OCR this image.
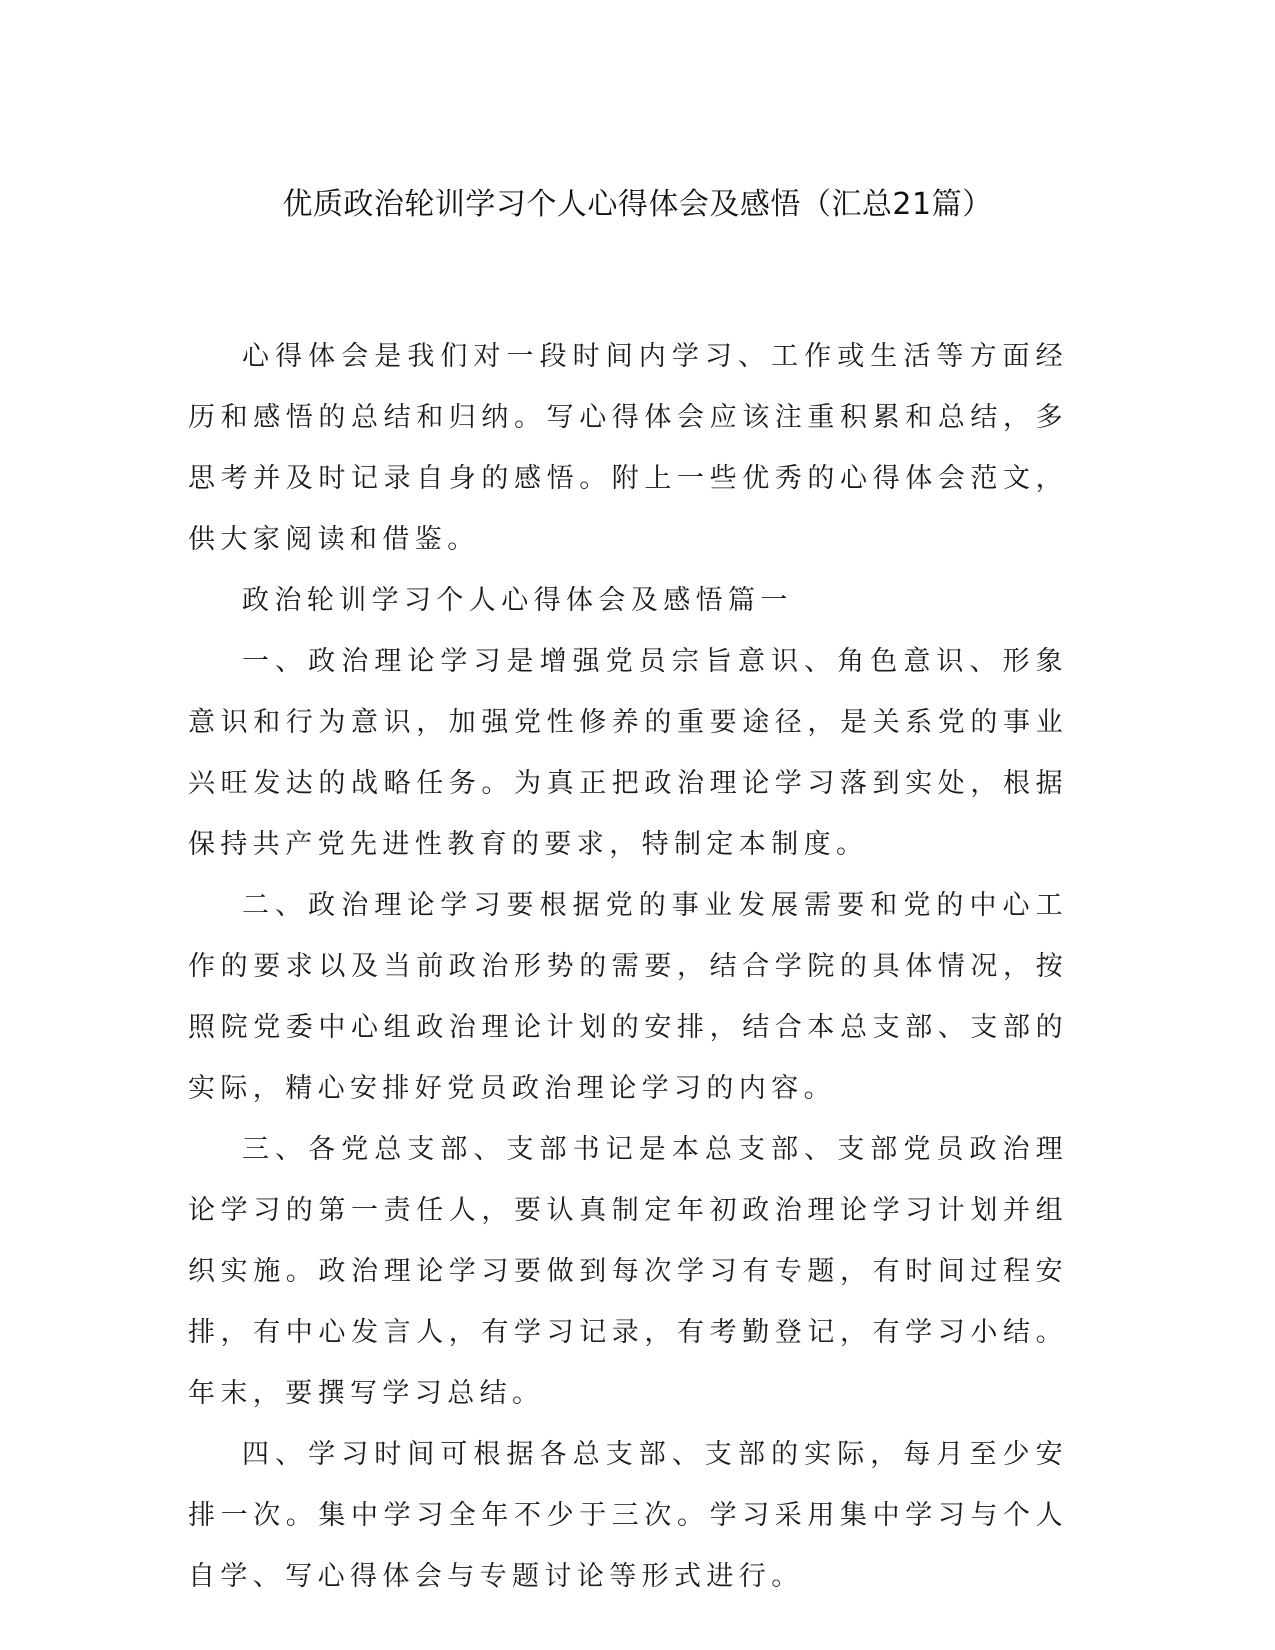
优质政治轮训学习个人心得体会及感悟（汇总21篇）

心得体会是我们对一段时间内学习、工作或生活等方面经历和感悟的总结和归纳。写心得体会应该注重积累和总结，多思考并及时记录自身的感悟。附上一些优秀的心得体会范文，供大家阅读和借鉴。

政治轮训学习个人心得体会及感悟篇一

一、政治理论学习是增强党员宗旨意识、角色意识、形象意识和行为意识，加强党性修养的重要途径，是关系党的事业兴旺发达的战略任务。为真正把政治理论学习落到实处，根据保持共产党先进性教育的要求，特制定本制度。

二、政治理论学习要根据党的事业发展需要和党的中心工作的要求以及当前政治形势的需要，结合学院的具体情况，按照院党委中心组政治理论计划的安排，结合本总支部、支部的实际，精心安排好党员政治理论学习的内容。

三、各党总支部、支部书记是本总支部、支部党员政治理论学习的第一责任人，要认真制定年初政治理论学习计划并组织实施。政治理论学习要做到每次学习有专题，有时间过程安排，有中心发言人，有学习记录，有考勤登记，有学习小结。年末，要撰写学习总结。

四、学习时间可根据各总支部、支部的实际，每月至少安排一次。集中学习全年不少于三次。学习采用集中学习与个人自学、写心得体会与专题讨论等形式进行。
